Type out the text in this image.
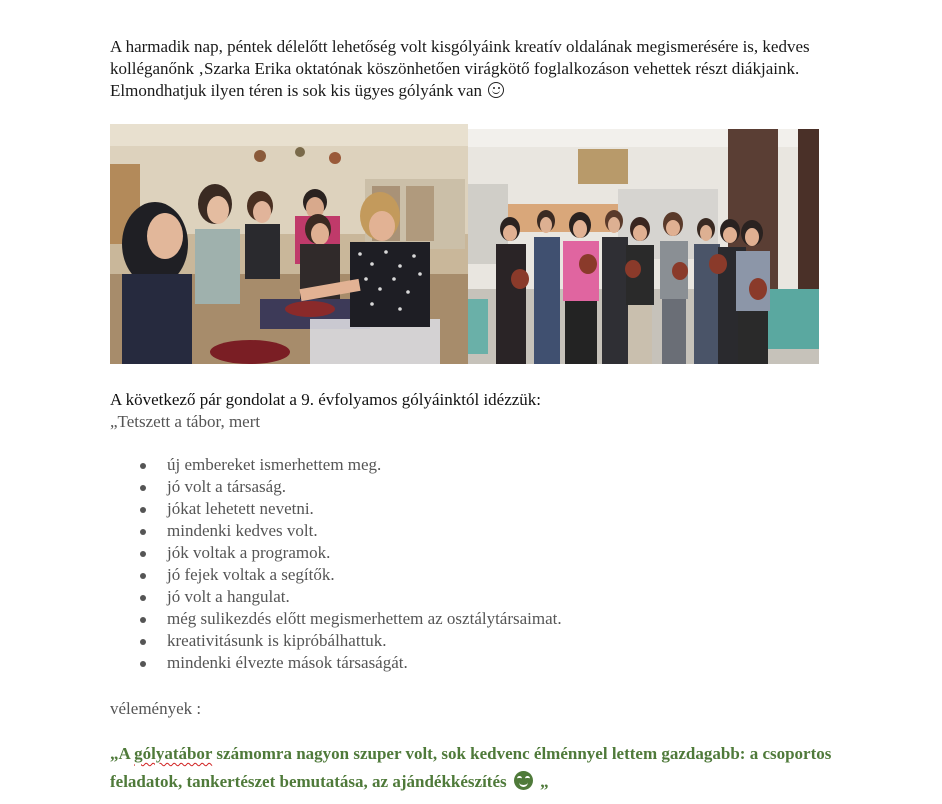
A harmadik nap, péntek délelőtt lehetőség volt kisgólyáink kreatív oldalának megismerésére is, kedves kolléganőnk ‚Szarka Erika oktatónak köszönhetően virágkötő foglalkozáson vehettek részt diákjaink. Elmondhatjuk ilyen téren is sok kis ügyes gólyánk van

A következő pár gondolat a 9. évfolyamos gólyáinktól idézzük:

„Tetszett a tábor, mert

új embereket ismerhettem meg.
jó volt a társaság.
jókat lehetett nevetni.
mindenki kedves volt.
jók voltak a programok.
jó fejek voltak a segítők.
jó volt a hangulat.
még sulikezdés előtt megismerhettem az osztálytársaimat.
kreativitásunk is kipróbálhattuk.
mindenki élvezte mások társaságát.

vélemények :

„A gólyatábor számomra nagyon szuper volt, sok kedvenc élménnyel lettem gazdagabb: a csoportos feladatok, tankertészet bemutatása, az ajándékkészítés
„
